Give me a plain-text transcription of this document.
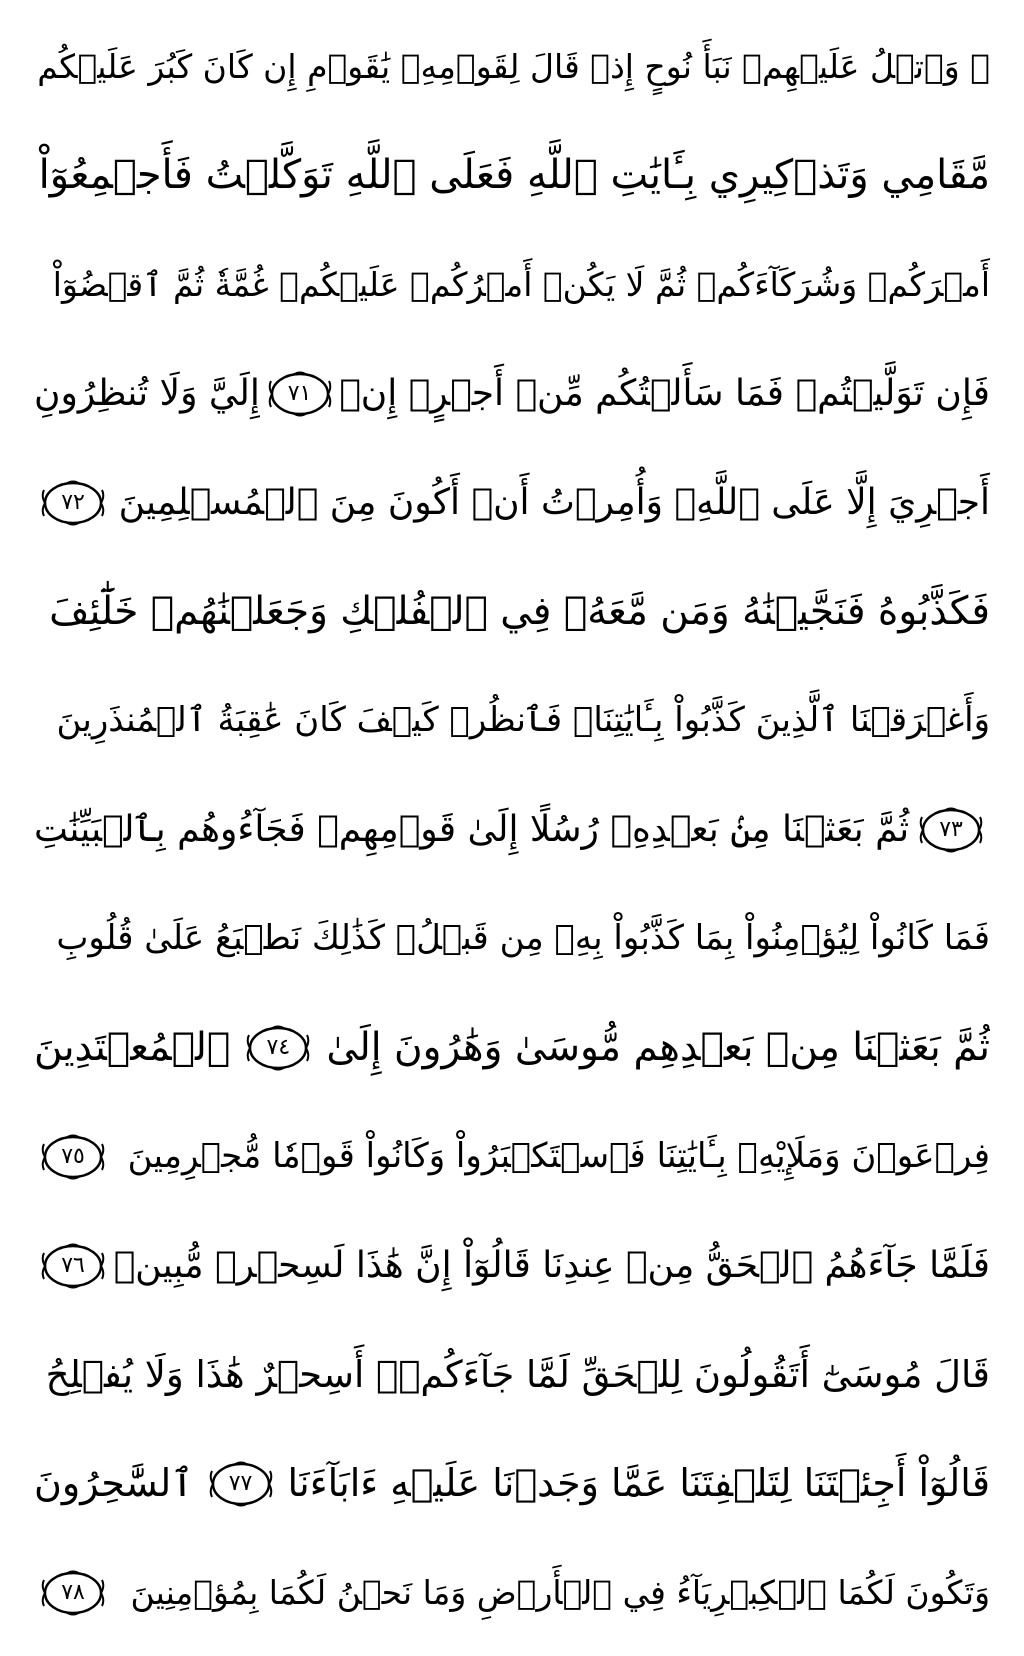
۞ وَٱتۡلُ عَلَيۡهِمۡ نَبَأَ نُوحٍ إِذۡ قَالَ لِقَوۡمِهِۦ يَٰقَوۡمِ إِن كَانَ كَبُرَ عَلَيۡكُم
مَّقَامِي وَتَذۡكِيرِي بِـَٔايَٰتِ ٱللَّهِ فَعَلَى ٱللَّهِ تَوَكَّلۡتُ فَأَجۡمِعُوٓاْ
أَمۡرَكُمۡ وَشُرَكَآءَكُمۡ ثُمَّ لَا يَكُنۡ أَمۡرُكُمۡ عَلَيۡكُمۡ غُمَّةٗ ثُمَّ ٱقۡضُوٓاْ
فَإِن تَوَلَّيۡتُمۡ فَمَا سَأَلۡتُكُم مِّنۡ أَجۡرٍۖ إِنۡ
٧١
إِلَيَّ وَلَا تُنظِرُونِ
أَجۡرِيَ إِلَّا عَلَى ٱللَّهِۖ وَأُمِرۡتُ أَنۡ أَكُونَ مِنَ ٱلۡمُسۡلِمِينَ
٧٢
فَكَذَّبُوهُ فَنَجَّيۡنَٰهُ وَمَن مَّعَهُۥ فِي ٱلۡفُلۡكِ وَجَعَلۡنَٰهُمۡ خَلَٰٓئِفَ
وَأَغۡرَقۡنَا ٱلَّذِينَ كَذَّبُواْ بِـَٔايَٰتِنَاۖ فَٱنظُرۡ كَيۡفَ كَانَ عَٰقِبَةُ ٱلۡمُنذَرِينَ
٧٣
ثُمَّ بَعَثۡنَا مِنۢ بَعۡدِهِۦ رُسُلًا إِلَىٰ قَوۡمِهِمۡ فَجَآءُوهُم بِٱلۡبَيِّنَٰتِ
فَمَا كَانُواْ لِيُؤۡمِنُواْ بِمَا كَذَّبُواْ بِهِۦ مِن قَبۡلُۚ كَذَٰلِكَ نَطۡبَعُ عَلَىٰ قُلُوبِ
ثُمَّ بَعَثۡنَا مِنۢ بَعۡدِهِم مُّوسَىٰ وَهَٰرُونَ إِلَىٰ
٧٤
ٱلۡمُعۡتَدِينَ
فِرۡعَوۡنَ وَمَلَإِيْهِۦ بِـَٔايَٰتِنَا فَٱسۡتَكۡبَرُواْ وَكَانُواْ قَوۡمٗا مُّجۡرِمِينَ
٧٥
فَلَمَّا جَآءَهُمُ ٱلۡحَقُّ مِنۡ عِندِنَا قَالُوٓاْ إِنَّ هَٰذَا لَسِحۡرٞ مُّبِينٞ
٧٦
قَالَ مُوسَىٰٓ أَتَقُولُونَ لِلۡحَقِّ لَمَّا جَآءَكُمۡۖ أَسِحۡرٌ هَٰذَا وَلَا يُفۡلِحُ
قَالُوٓاْ أَجِئۡتَنَا لِتَلۡفِتَنَا عَمَّا وَجَدۡنَا عَلَيۡهِ ءَابَآءَنَا
٧٧
ٱلسَّٰحِرُونَ
وَتَكُونَ لَكُمَا ٱلۡكِبۡرِيَآءُ فِي ٱلۡأَرۡضِ وَمَا نَحۡنُ لَكُمَا بِمُؤۡمِنِينَ
٧٨
